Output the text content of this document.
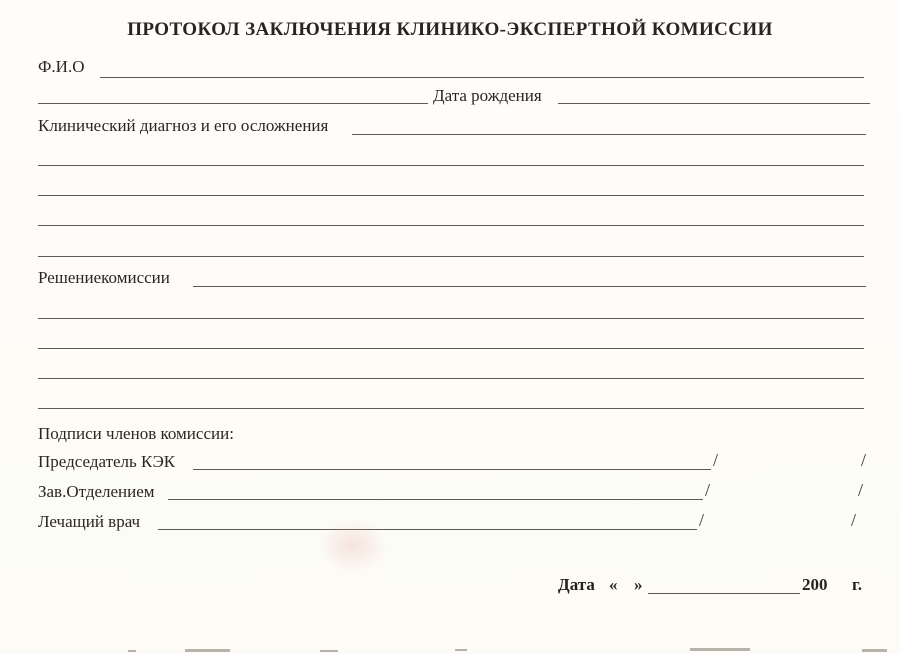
ПРОТОКОЛ ЗАКЛЮЧЕНИЯ КЛИНИКО-ЭКСПЕРТНОЙ КОМИССИИ
Ф.И.О
Дата рождения
Клинический диагноз и его осложнения
Решениекомиссии
Подписи членов комиссии:
Председатель КЭК	/	/
Зав.Отделением	/	/
Лечащий врач	/	/
Дата « »	200 г.
